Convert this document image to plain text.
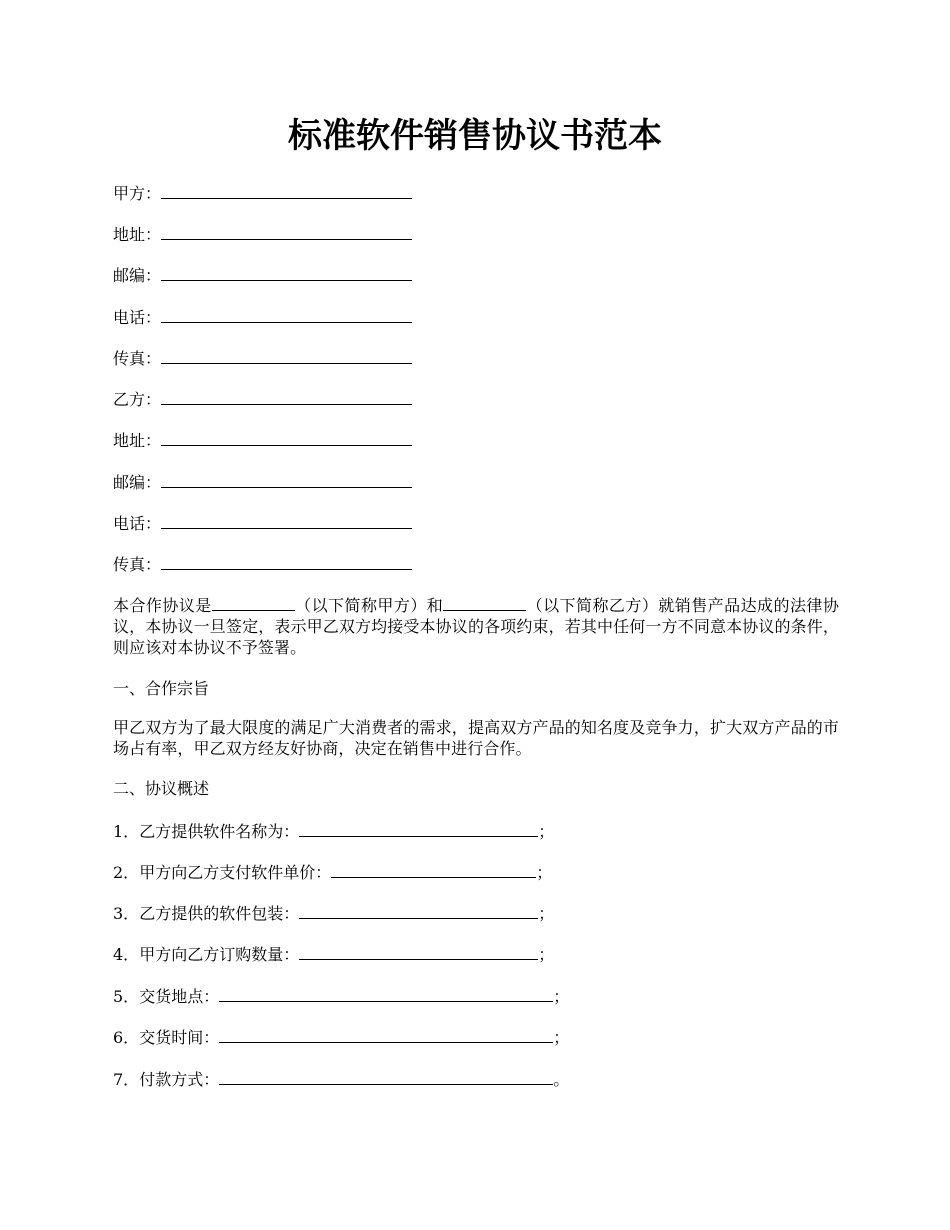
标准软件销售协议书范本
甲方：
地址：
邮编：
电话：
传真：
乙方：
地址：
邮编：
电话：
传真：
本合作协议是	（以下简称甲方）和	（以下简称乙方）就销售产品达成的法律协议，本协议一旦签定，表示甲乙双方均接受本协议的各项约束，若其中任何一方不同意本协议的条件，则应该对本协议不予签署。
一、合作宗旨
甲乙双方为了最大限度的满足广大消费者的需求，提高双方产品的知名度及竞争力，扩大双方产品的市场占有率，甲乙双方经友好协商，决定在销售中进行合作。
二、协议概述
1．乙方提供软件名称为：	；
2．甲方向乙方支付软件单价：	；
3．乙方提供的软件包装：	；
4．甲方向乙方订购数量：	；
5．交货地点：	；
6．交货时间：	；
7．付款方式：	。
